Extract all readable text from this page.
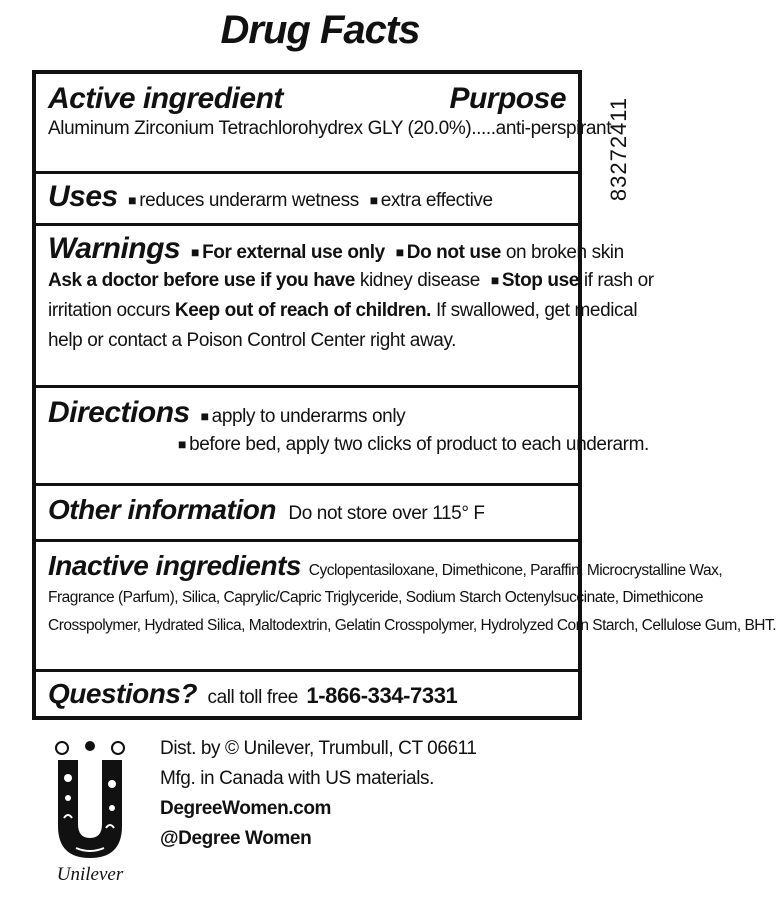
Drug Facts
83272411
Active ingredient	Purpose
Aluminum Zirconium Tetrachlorohydrex GLY (20.0%).....anti-perspirant
Uses ■ reduces underarm wetness ■ extra effective
Warnings ■ For external use only ■ Do not use on broken skin
Ask a doctor before use if you have kidney disease ■ Stop use if rash or
irritation occurs Keep out of reach of children. If swallowed, get medical
help or contact a Poison Control Center right away.
Directions ■ apply to underarms only
■ before bed, apply two clicks of product to each underarm.
Other information Do not store over 115° F
Inactive ingredients Cyclopentasiloxane, Dimethicone, Paraffin, Microcrystalline Wax,
Fragrance (Parfum), Silica, Caprylic/Capric Triglyceride, Sodium Starch Octenylsuccinate, Dimethicone
Crosspolymer, Hydrated Silica, Maltodextrin, Gelatin Crosspolymer, Hydrolyzed Corn Starch, Cellulose Gum, BHT.
Questions? call toll free 1-866-334-7331
Unilever
Dist. by © Unilever, Trumbull, CT 06611
Mfg. in Canada with US materials.
DegreeWomen.com
@Degree Women
